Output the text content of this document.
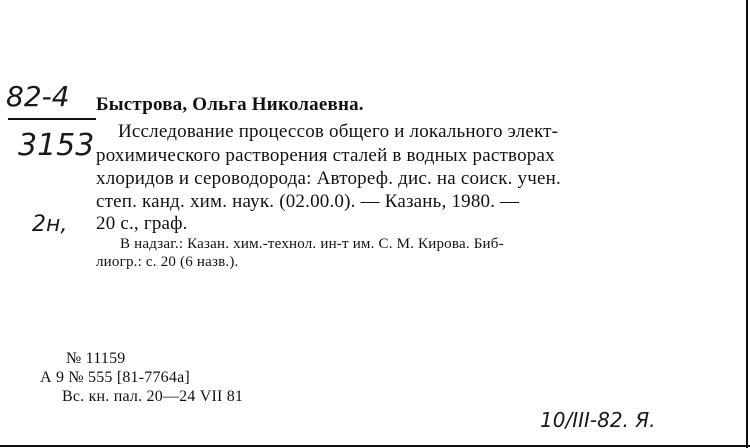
82-4
3153
2н,
Быстрова, Ольга Николаевна.
Исследование процессов общего и локального элект-
рохимического растворения сталей в водных растворах
хлоридов и сероводорода: Автореф. дис. на соиск. учен.
степ. канд. хим. наук. (02.00.0). — Казань, 1980. —
20 с., граф.
В надзаг.: Казан. хим.-технол. ин-т им. С. М. Кирова. Биб-
лиогр.: с. 20 (6 назв.).
№ 11159
А 9 № 555 [81-7764а]
Вс. кн. пал. 20—24 VII 81
10/III-82. Я.
